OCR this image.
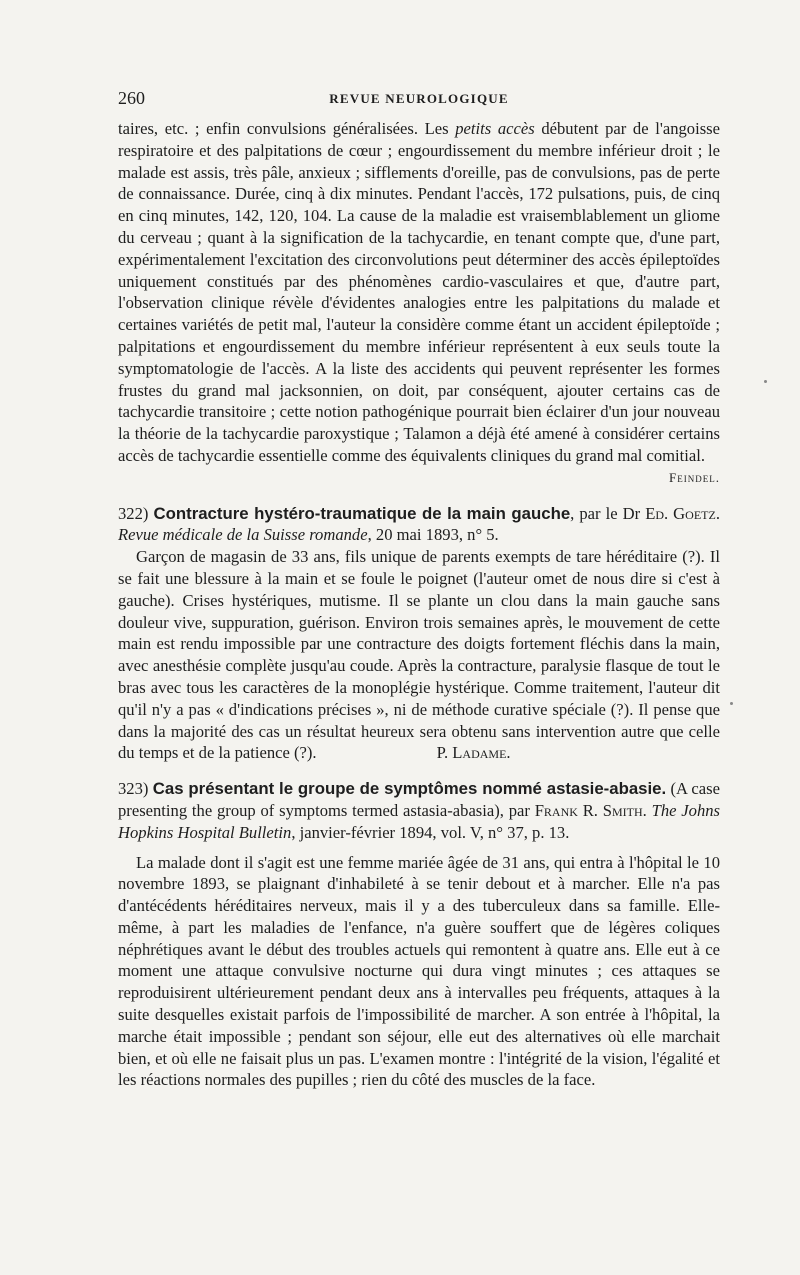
260	REVUE NEUROLOGIQUE

taires, etc. ; enfin convulsions généralisées. Les petits accès débutent par de l'angoisse respiratoire et des palpitations de cœur ; engourdissement du membre inférieur droit ; le malade est assis, très pâle, anxieux ; sifflements d'oreille, pas de convulsions, pas de perte de connaissance. Durée, cinq à dix minutes. Pendant l'accès, 172 pulsations, puis, de cinq en cinq minutes, 142, 120, 104. La cause de la maladie est vraisemblablement un gliome du cerveau ; quant à la signification de la tachycardie, en tenant compte que, d'une part, expérimentalement l'excitation des circonvolutions peut déterminer des accès épileptoïdes uniquement constitués par des phénomènes cardio-vasculaires et que, d'autre part, l'observation clinique révèle d'évidentes analogies entre les palpitations du malade et certaines variétés de petit mal, l'auteur la considère comme étant un accident épileptoïde ; palpitations et engourdissement du membre inférieur représentent à eux seuls toute la symptomatologie de l'accès. A la liste des accidents qui peuvent représenter les formes frustes du grand mal jacksonnien, on doit, par conséquent, ajouter certains cas de tachycardie transitoire ; cette notion pathogénique pourrait bien éclairer d'un jour nouveau la théorie de la tachycardie paroxystique ; Talamon a déjà été amené à considérer certains accès de tachycardie essentielle comme des équivalents cliniques du grand mal comitial.

Feindel.

322) Contracture hystéro-traumatique de la main gauche, par le Dr Ed. Goetz. Revue médicale de la Suisse romande, 20 mai 1893, n° 5.

Garçon de magasin de 33 ans, fils unique de parents exempts de tare héréditaire (?). Il se fait une blessure à la main et se foule le poignet (l'auteur omet de nous dire si c'est à gauche). Crises hystériques, mutisme. Il se plante un clou dans la main gauche sans douleur vive, suppuration, guérison. Environ trois semaines après, le mouvement de cette main est rendu impossible par une contracture des doigts fortement fléchis dans la main, avec anesthésie complète jusqu'au coude. Après la contracture, paralysie flasque de tout le bras avec tous les caractères de la monoplégie hystérique. Comme traitement, l'auteur dit qu'il n'y a pas « d'indications précises », ni de méthode curative spéciale (?). Il pense que dans la majorité des cas un résultat heureux sera obtenu sans intervention autre que celle du temps et de la patience (?).	P. Ladame.

323) Cas présentant le groupe de symptômes nommé astasie-abasie. (A case presenting the group of symptoms termed astasia-abasia), par Frank R. Smith. The Johns Hopkins Hospital Bulletin, janvier-février 1894, vol. V, n° 37, p. 13.

La malade dont il s'agit est une femme mariée âgée de 31 ans, qui entra à l'hôpital le 10 novembre 1893, se plaignant d'inhabileté à se tenir debout et à marcher. Elle n'a pas d'antécédents héréditaires nerveux, mais il y a des tuberculeux dans sa famille. Elle-même, à part les maladies de l'enfance, n'a guère souffert que de légères coliques néphrétiques avant le début des troubles actuels qui remontent à quatre ans. Elle eut à ce moment une attaque convulsive nocturne qui dura vingt minutes ; ces attaques se reproduisirent ultérieurement pendant deux ans à intervalles peu fréquents, attaques à la suite desquelles existait parfois de l'impossibilité de marcher. A son entrée à l'hôpital, la marche était impossible ; pendant son séjour, elle eut des alternatives où elle marchait bien, et où elle ne faisait plus un pas. L'examen montre : l'intégrité de la vision, l'égalité et les réactions normales des pupilles ; rien du côté des muscles de la face.
